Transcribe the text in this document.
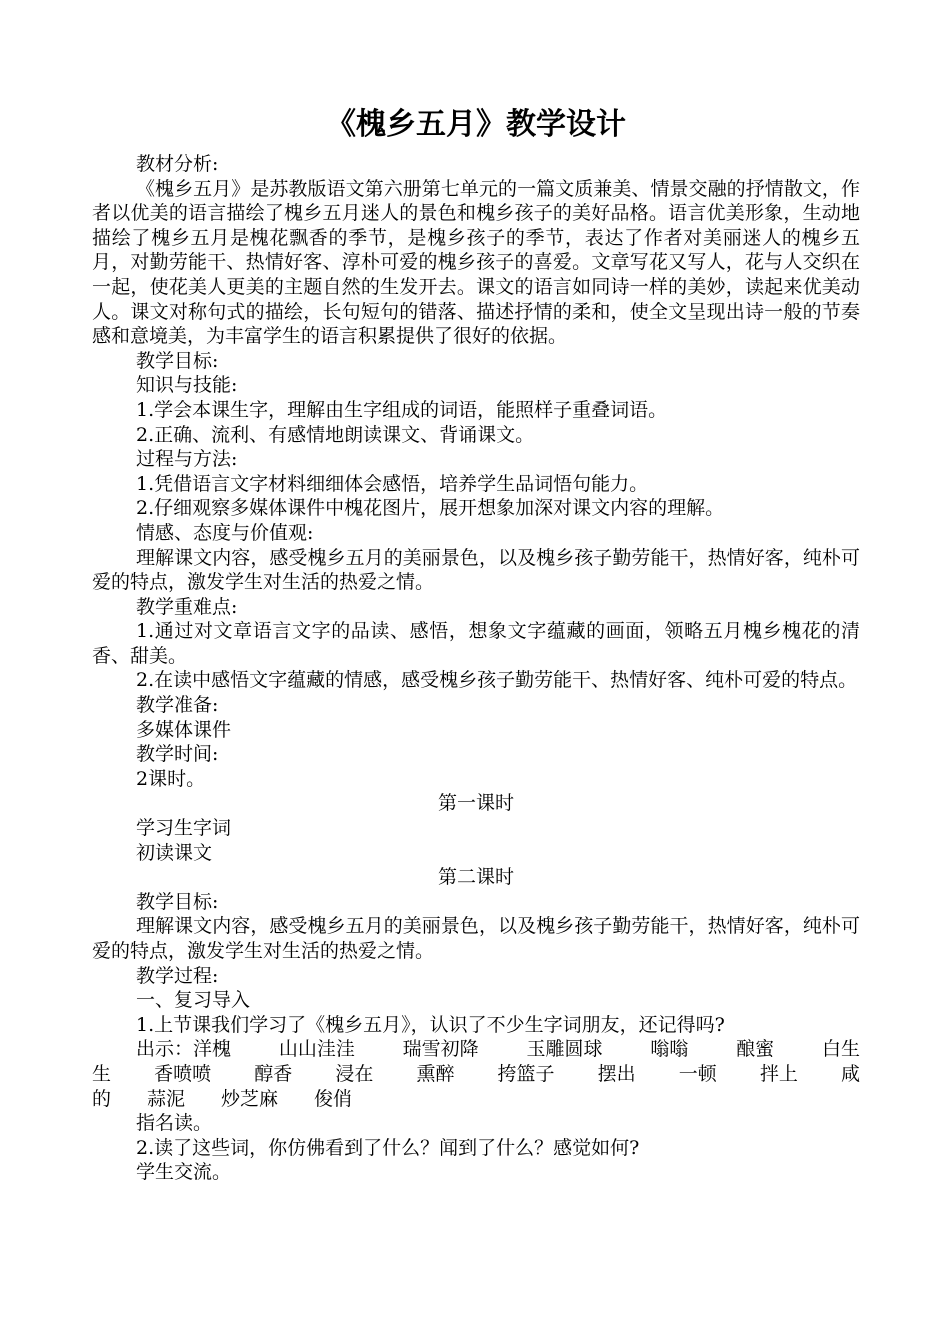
《槐乡五月》教学设计

教材分析:

《槐乡五月》是苏教版语文第六册第七单元的一篇文质兼美、情景交融的抒情散文，作者以优美的语言描绘了槐乡五月迷人的景色和槐乡孩子的美好品格。语言优美形象，生动地描绘了槐乡五月是槐花飘香的季节，是槐乡孩子的季节，表达了作者对美丽迷人的槐乡五月，对勤劳能干、热情好客、淳朴可爱的槐乡孩子的喜爱。文章写花又写人，花与人交织在一起，使花美人更美的主题自然的生发开去。课文的语言如同诗一样的美妙，读起来优美动人。课文对称句式的描绘，长句短句的错落、描述抒情的柔和，使全文呈现出诗一般的节奏感和意境美，为丰富学生的语言积累提供了很好的依据。

教学目标:

知识与技能:

1.学会本课生字，理解由生字组成的词语，能照样子重叠词语。

2.正确、流利、有感情地朗读课文、背诵课文。

过程与方法:

1.凭借语言文字材料细细体会感悟，培养学生品词悟句能力。

2.仔细观察多媒体课件中槐花图片，展开想象加深对课文内容的理解。

情感、态度与价值观:

理解课文内容，感受槐乡五月的美丽景色，以及槐乡孩子勤劳能干，热情好客，纯朴可爱的特点，激发学生对生活的热爱之情。

教学重难点:

1.通过对文章语言文字的品读、感悟，想象文字蕴藏的画面，领略五月槐乡槐花的清香、甜美。

2.在读中感悟文字蕴藏的情感，感受槐乡孩子勤劳能干、热情好客、纯朴可爱的特点。

教学准备:

多媒体课件

教学时间:

2课时。

第一课时

学习生字词

初读课文

第二课时

教学目标:

理解课文内容，感受槐乡五月的美丽景色，以及槐乡孩子勤劳能干，热情好客，纯朴可爱的特点，激发学生对生活的热爱之情。

教学过程:

一、复习导入

1.上节课我们学习了《槐乡五月》，认识了不少生字词朋友，还记得吗?

出示：洋槐	山山洼洼	瑞雪初降	玉雕圆球	嗡嗡	酿蜜	白生
生 香喷喷 醇香 浸在 熏醉 挎篮子 摆出 一顿 拌上 咸
的 蒜泥 炒芝麻 俊俏

指名读。

2.读了这些词，你仿佛看到了什么？闻到了什么？感觉如何?

学生交流。
